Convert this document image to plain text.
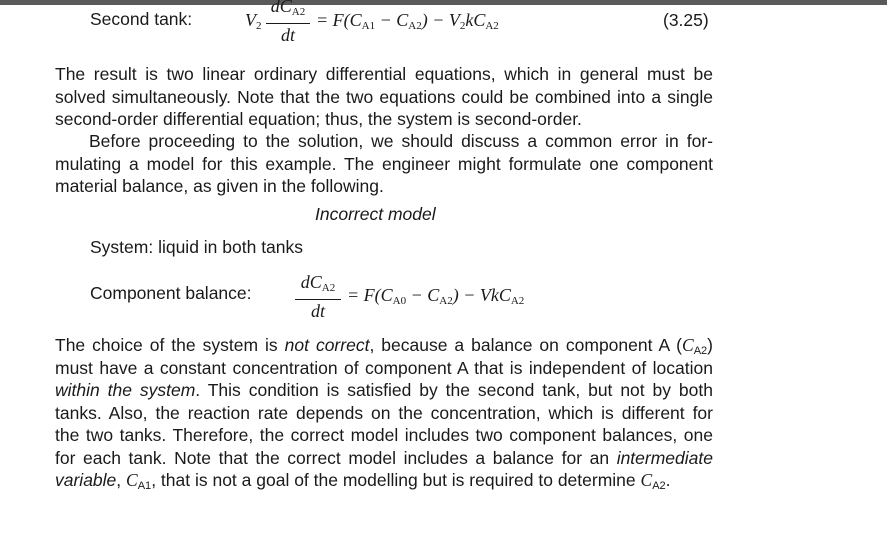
Second tank:	$V_2$
$dC_{A2}$
dt
= $F(C_{A1} - C_{A2}) - V_2kC_{A2}$	(3.25)
The result is two linear ordinary differential equations, which in general must be
solved simultaneously. Note that the two equations could be combined into a single
second-order differential equation; thus, the system is second-order.
Before proceeding to the solution, we should discuss a common error in for-
mulating a model for this example. The engineer might formulate one component
material balance, as given in the following.
Incorrect model
System: liquid in both tanks
Component balance:
$dC_{A2}$
dt
= $F(C_{A0} - C_{A2}) - VkC_{A2}$
The choice of the system is not correct, because a balance on component A $(C_{A2})$
must have a constant concentration of component A that is independent of location
within the system. This condition is satisfied by the second tank, but not by both
tanks. Also, the reaction rate depends on the concentration, which is different for
the two tanks. Therefore, the correct model includes two component balances, one
for each tank. Note that the correct model includes a balance for an intermediate
variable, $C_{A1}$, that is not a goal of the modelling but is required to determine $C_{A2}$.
